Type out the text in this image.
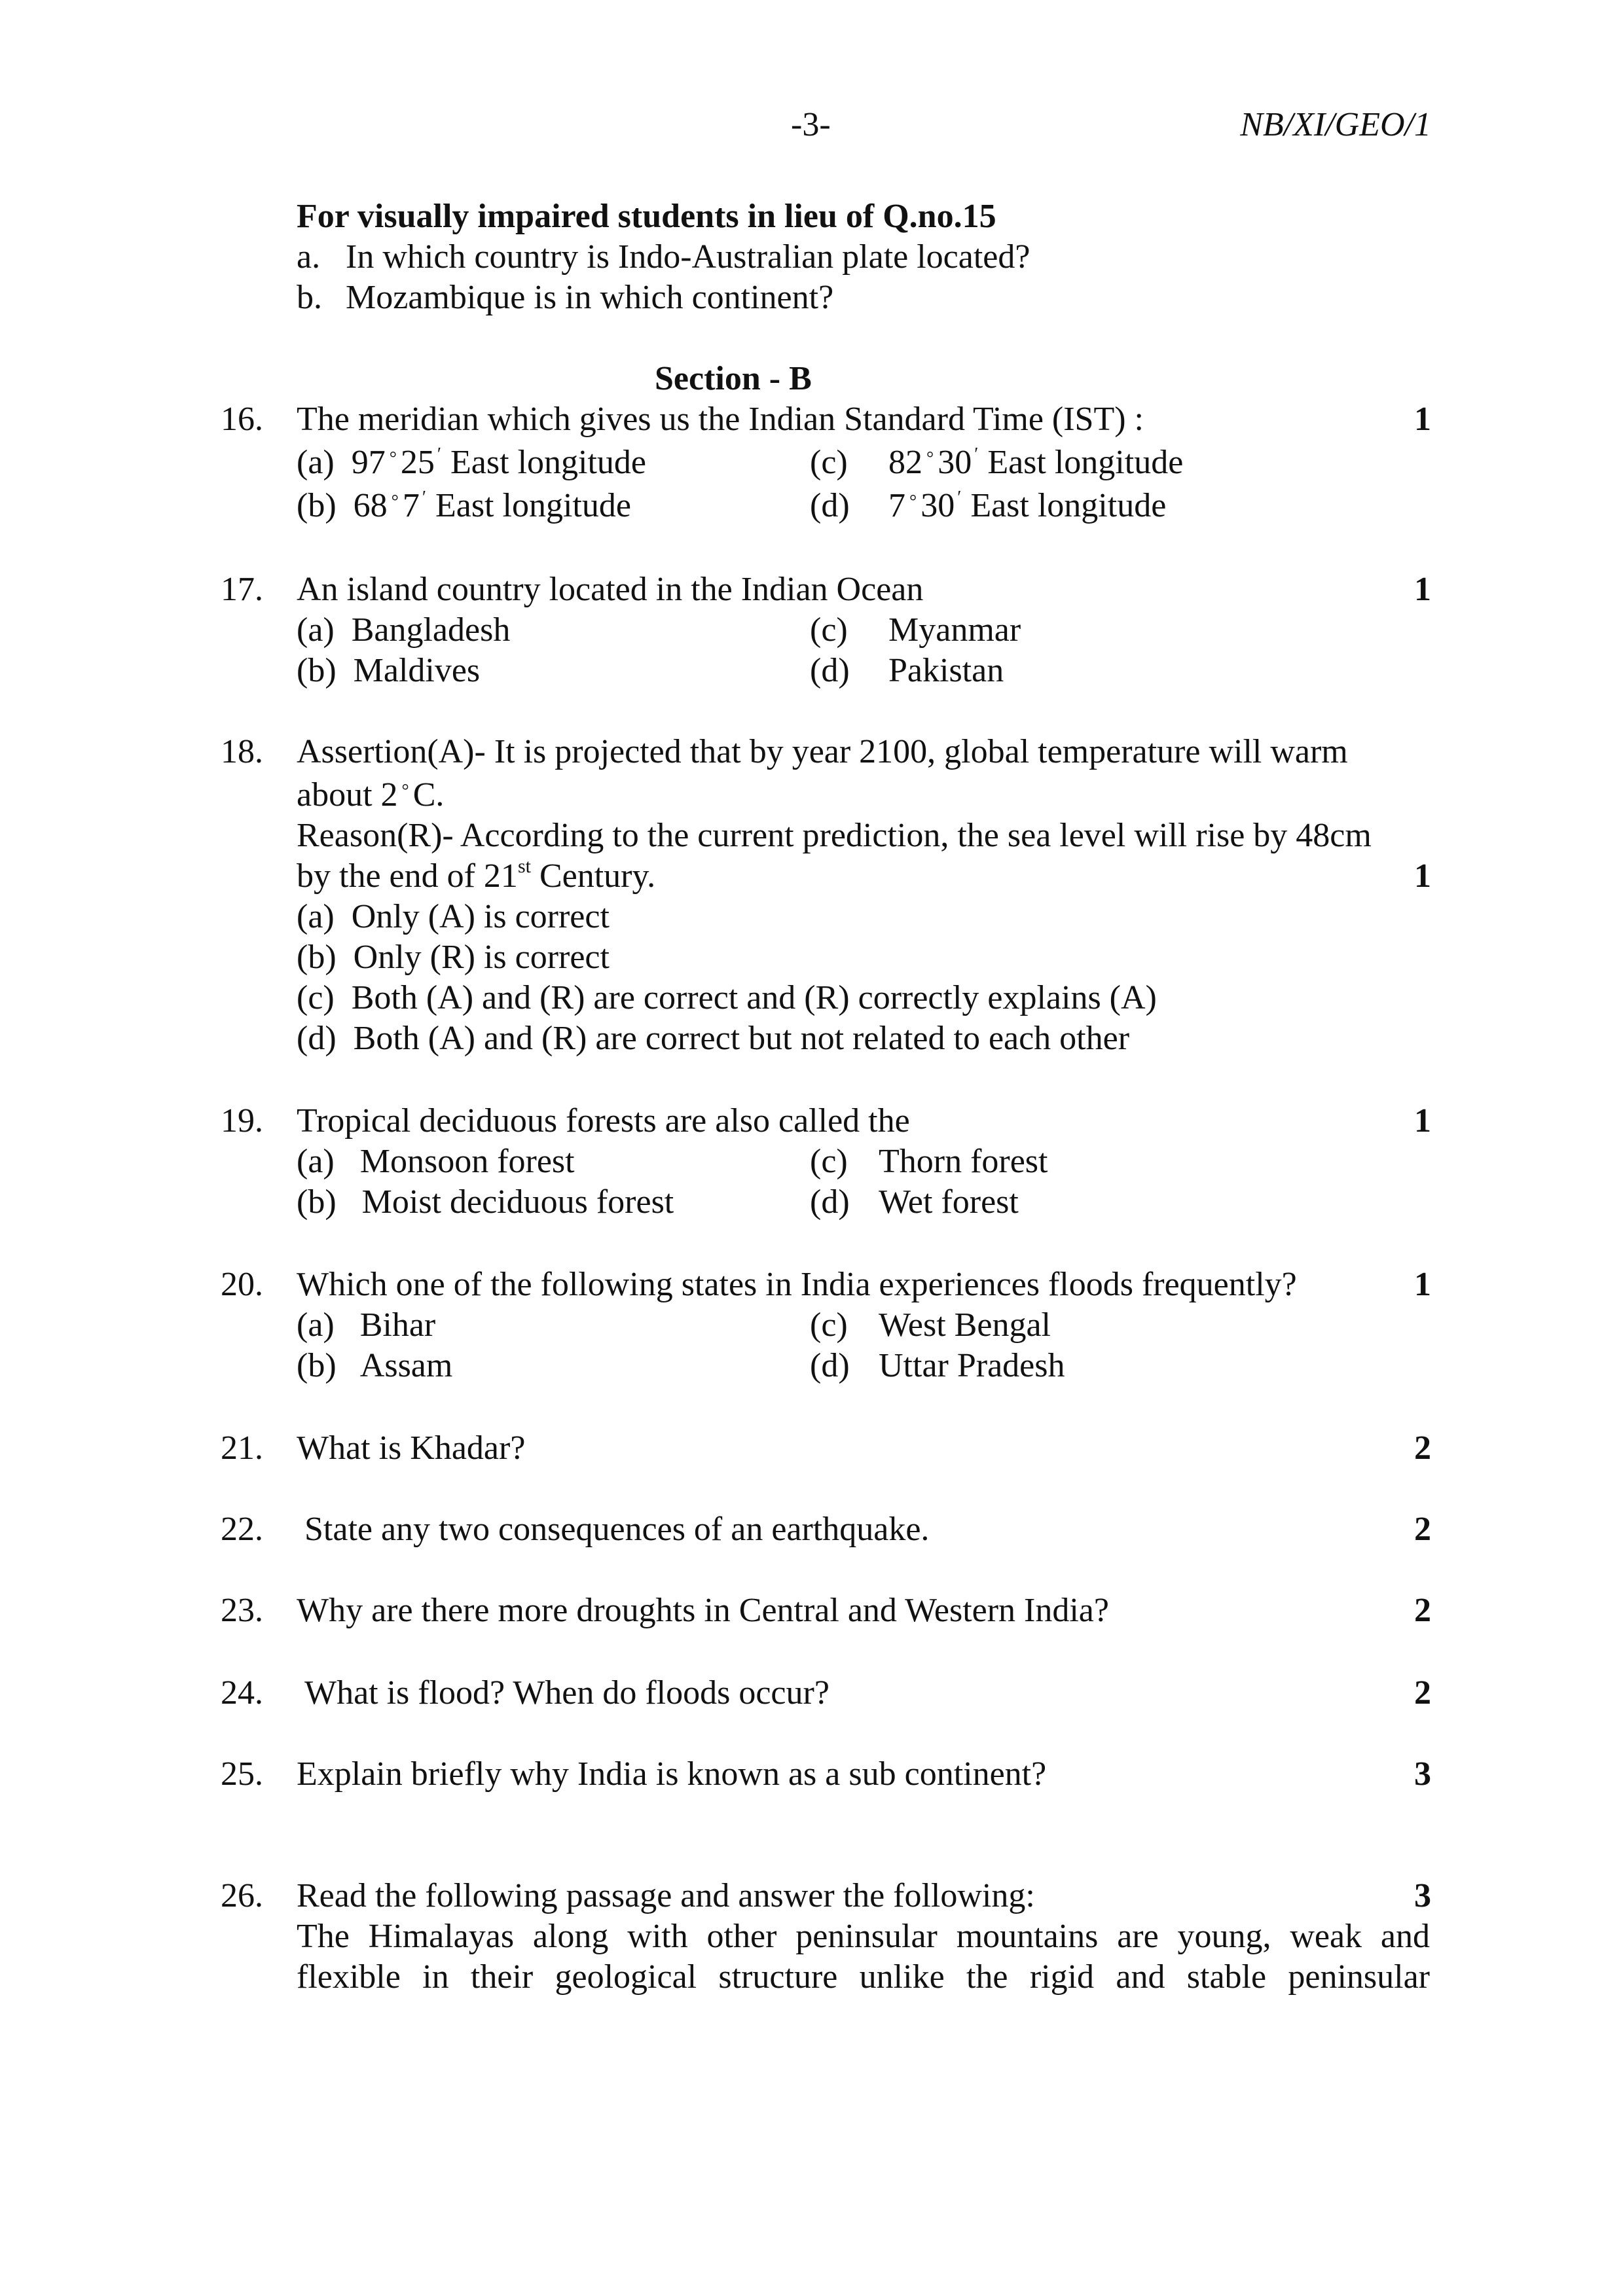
-3-	NB/XI/GEO/1
For visually impaired students in lieu of Q.no.15
a. In which country is Indo-Australian plate located?
b. Mozambique is in which continent?
Section - B
16. The meridian which gives us the Indian Standard Time (IST) :	1
(a) 97 ° 25 ′ East longitude	(c) 82 ° 30 ′ East longitude
(b) 68 ° 7 ′ East longitude	(d) 7 ° 30 ′ East longitude
17. An island country located in the Indian Ocean	1
(a) Bangladesh	(c) Myanmar
(b) Maldives	(d) Pakistan
18. Assertion(A)- It is projected that by year 2100, global temperature will warm
about 2 ° C.
Reason(R)- According to the current prediction, the sea level will rise by 48cm
by the end of 21st Century.	1
(a) Only (A) is correct
(b) Only (R) is correct
(c) Both (A) and (R) are correct and (R) correctly explains (A)
(d) Both (A) and (R) are correct but not related to each other
19. Tropical deciduous forests are also called the	1
(a) Monsoon forest	(c) Thorn forest
(b) Moist deciduous forest	(d) Wet forest
20. Which one of the following states in India experiences floods frequently?	1
(a) Bihar	(c) West Bengal
(b) Assam	(d) Uttar Pradesh
21. What is Khadar?	2
22. State any two consequences of an earthquake.	2
23. Why are there more droughts in Central and Western India?	2
24. What is flood? When do floods occur?	2
25. Explain briefly why India is known as a sub continent?	3
26. Read the following passage and answer the following:	3
The Himalayas along with other peninsular mountains are young, weak and
flexible in their geological structure unlike the rigid and stable peninsular
